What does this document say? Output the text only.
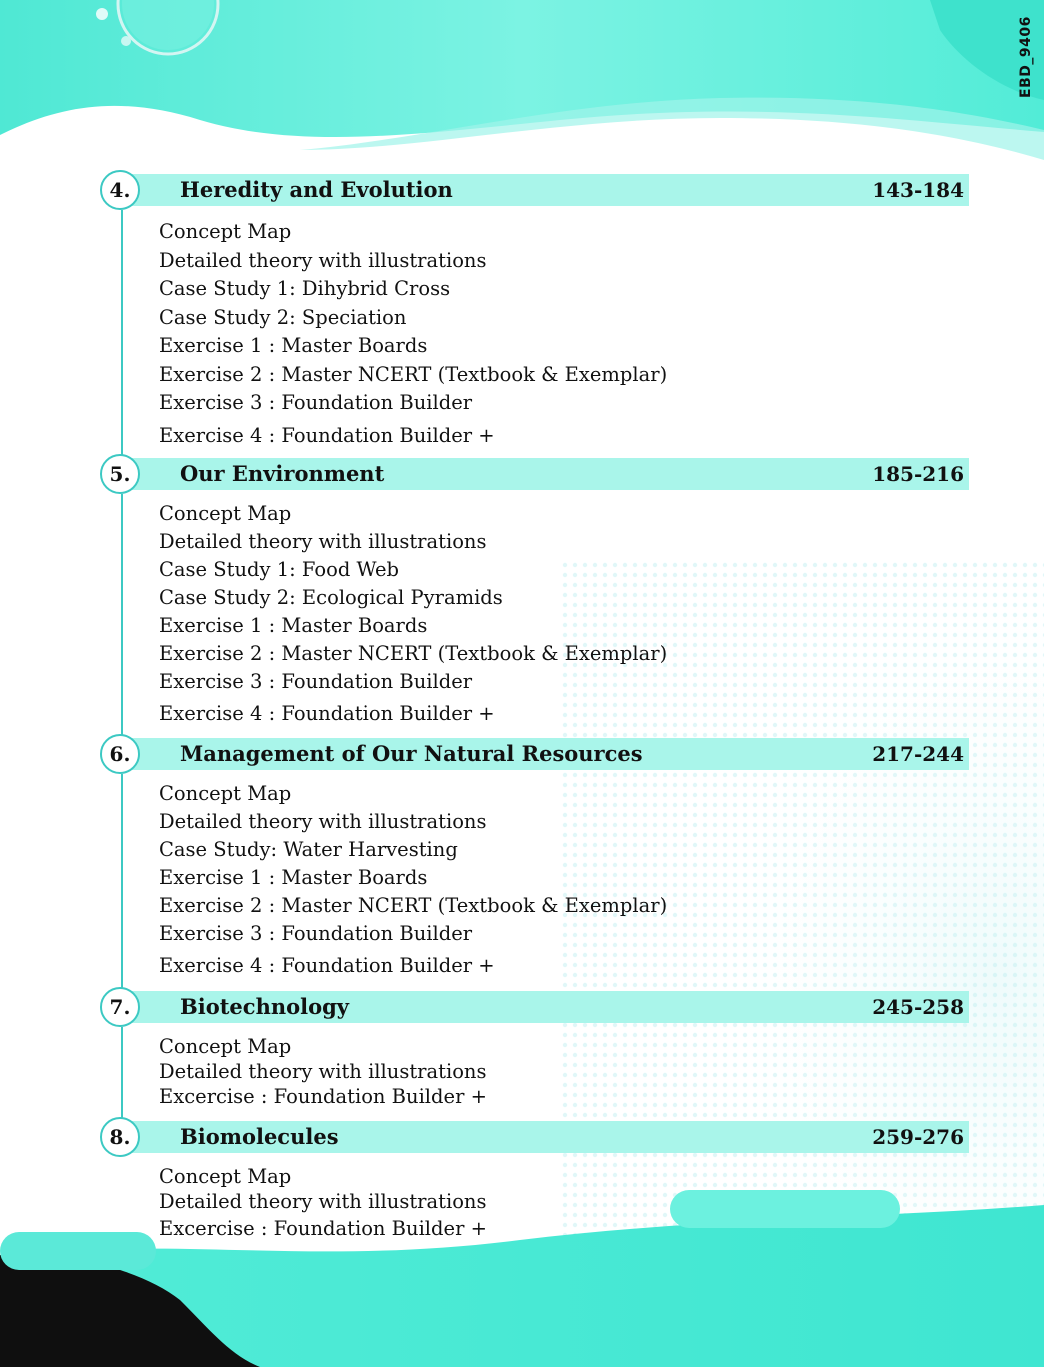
EBD_9406
4.	Heredity and Evolution	143-184
Concept Map
Detailed theory with illustrations
Case Study 1: Dihybrid Cross
Case Study 2: Speciation
Exercise 1 : Master Boards
Exercise 2 : Master NCERT (Textbook & Exemplar)
Exercise 3 : Foundation Builder
Exercise 4 : Foundation Builder +
5.	Our Environment	185-216
Concept Map
Detailed theory with illustrations
Case Study 1: Food Web
Case Study 2: Ecological Pyramids
Exercise 1 : Master Boards
Exercise 2 : Master NCERT (Textbook & Exemplar)
Exercise 3 : Foundation Builder
Exercise 4 : Foundation Builder +
6.	Management of Our Natural Resources	217-244
Concept Map
Detailed theory with illustrations
Case Study: Water Harvesting
Exercise 1 : Master Boards
Exercise 2 : Master NCERT (Textbook & Exemplar)
Exercise 3 : Foundation Builder
Exercise 4 : Foundation Builder +
7.	Biotechnology	245-258
Concept Map
Detailed theory with illustrations
Excercise : Foundation Builder +
8.	Biomolecules	259-276
Concept Map
Detailed theory with illustrations
Excercise : Foundation Builder +
